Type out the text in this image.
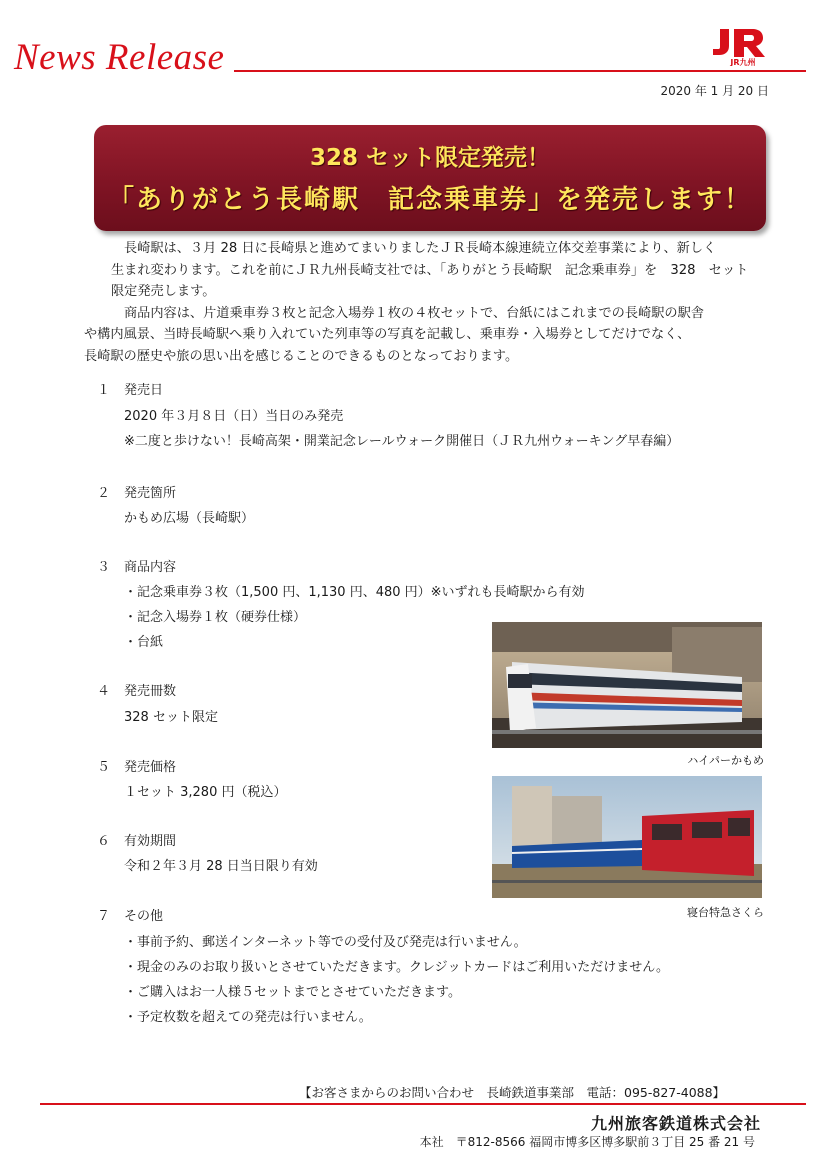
News Release	JR九州
2020 年 1 月 20 日
328 セット限定発売！
「ありがとう長崎駅　記念乗車券」を発売します！

長崎駅は、３月 28 日に長崎県と進めてまいりましたＪＲ長崎本線連続立体交差事業により、新しく

生まれ変わります。これを前にＪＲ九州長崎支社では、「ありがとう長崎駅　記念乗車券」を　328　セット

限定発売します。

商品内容は、片道乗車券３枚と記念入場券１枚の４枚セットで、台紙にはこれまでの長崎駅の駅舎

や構内風景、当時長崎駅へ乗り入れていた列車等の写真を記載し、乗車券・入場券としてだけでなく、

長崎駅の歴史や旅の思い出を感じることのできるものとなっております。

１	発売日
2020 年３月８日（日）当日のみ発売
※二度と歩けない！長崎高架・開業記念レールウォーク開催日（ＪＲ九州ウォーキング早春編）
２	発売箇所
かもめ広場（長崎駅）
３	商品内容
・記念乗車券３枚（1,500 円、1,130 円、480 円）※いずれも長崎駅から有効
・記念入場券１枚（硬券仕様）
・台紙
４	発売冊数
328 セット限定
５	発売価格
１セット 3,280 円（税込）
６	有効期間
令和２年３月 28 日当日限り有効
７	その他
・事前予約、郵送インターネット等での受付及び発売は行いません。
・現金のみのお取り扱いとさせていただきます。クレジットカードはご利用いただけません。
・ご購入はお一人様５セットまでとさせていただきます。
・予定枚数を超えての発売は行いません。
ハイパーかもめ
寝台特急さくら
【お客さまからのお問い合わせ　長崎鉄道事業部　電話：095-827-4088】
九州旅客鉄道株式会社
本社　〒812-8566 福岡市博多区博多駅前３丁目 25 番 21 号
